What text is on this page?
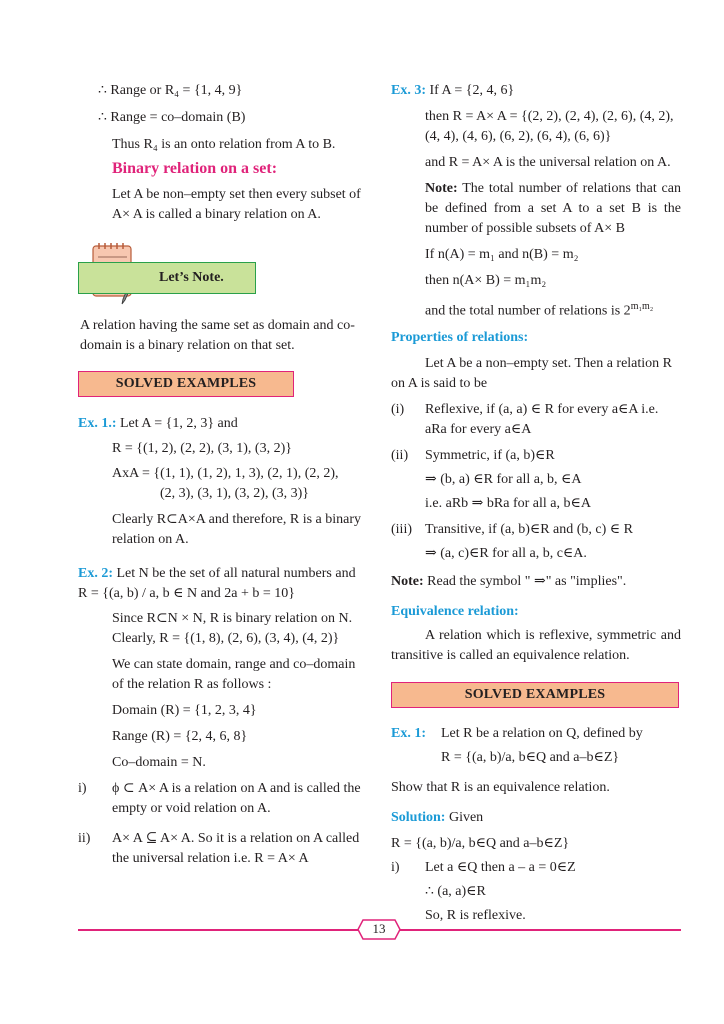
∴ Range or R₄ = {1, 4, 9}

∴ Range = co–domain (B)

Thus R₄ is an onto relation from A to B.

Binary relation on a set:

Let A be non–empty set then every subset of A× A is called a binary relation on A.

Let’s Note.

A relation having the same set as domain and co-domain is a binary relation on that set.

SOLVED EXAMPLES

Ex. 1.: Let A = {1, 2, 3} and

R = {(1, 2), (2, 2), (3, 1), (3, 2)}

AxA = {(1, 1), (1, 2), 1, 3), (2, 1), (2, 2),

(2, 3), (3, 1), (3, 2), (3, 3)}

Clearly R⊂A×A and therefore, R is a binary relation on A.

Ex. 2: Let N be the set of all natural numbers and R = {(a, b) / a, b ∈ N and 2a + b = 10}

Since R⊂N × N, R is binary relation on N.

Clearly, R = {(1, 8), (2, 6), (3, 4), (4, 2)}

We can state domain, range and co–domain of the relation R as follows :

Domain (R) = {1, 2, 3, 4}

Range (R) = {2, 4, 6, 8}

Co–domain = N.

i)	ϕ ⊂ A× A is a relation on A and is called the empty or void relation on A.
ii)	A× A ⊆ A× A. So it is a relation on A called the universal relation i.e. R = A× A

Ex. 3: If A = {2, 4, 6}

then R = A× A = {(2, 2), (2, 4), (2, 6), (4, 2), (4, 4), (4, 6), (6, 2), (6, 4), (6, 6)}

and R = A× A is the universal relation on A.

Note: The total number of relations that can be defined from a set A to a set B is the number of possible subsets of A× B

If n(A) = m₁ and n(B) = m₂

then n(A× B) = m₁m₂

and the total number of relations is $2^{m_1m_2}$

Properties of relations:

Let A be a non–empty set. Then a relation R on A is said to be

(i)	Reflexive, if (a, a) ∈ R for every a∈A i.e. aRa for every a∈A
(ii)	Symmetric, if (a, b)∈R
⇒ (b, a) ∈R for all a, b, ∈A
i.e. aRb ⇒ bRa for all a, b∈A
(iii) Transitive, if (a, b)∈R and (b, c) ∈ R
⇒ (a, c)∈R for all a, b, c∈A.

Note: Read the symbol " ⇒" as "implies".

Equivalence relation:

A relation which is reflexive, symmetric and transitive is called an equivalence relation.

SOLVED EXAMPLES

Ex. 1: Let R be a relation on Q, defined by

R = {(a, b)/a, b∈Q and a–b∈Z}

Show that R is an equivalence relation.

Solution: Given

R = {(a, b)/a, b∈Q and a–b∈Z}

i)	Let a ∈Q then a – a = 0∈Z
∴ (a, a)∈R
So, R is reflexive.
13
